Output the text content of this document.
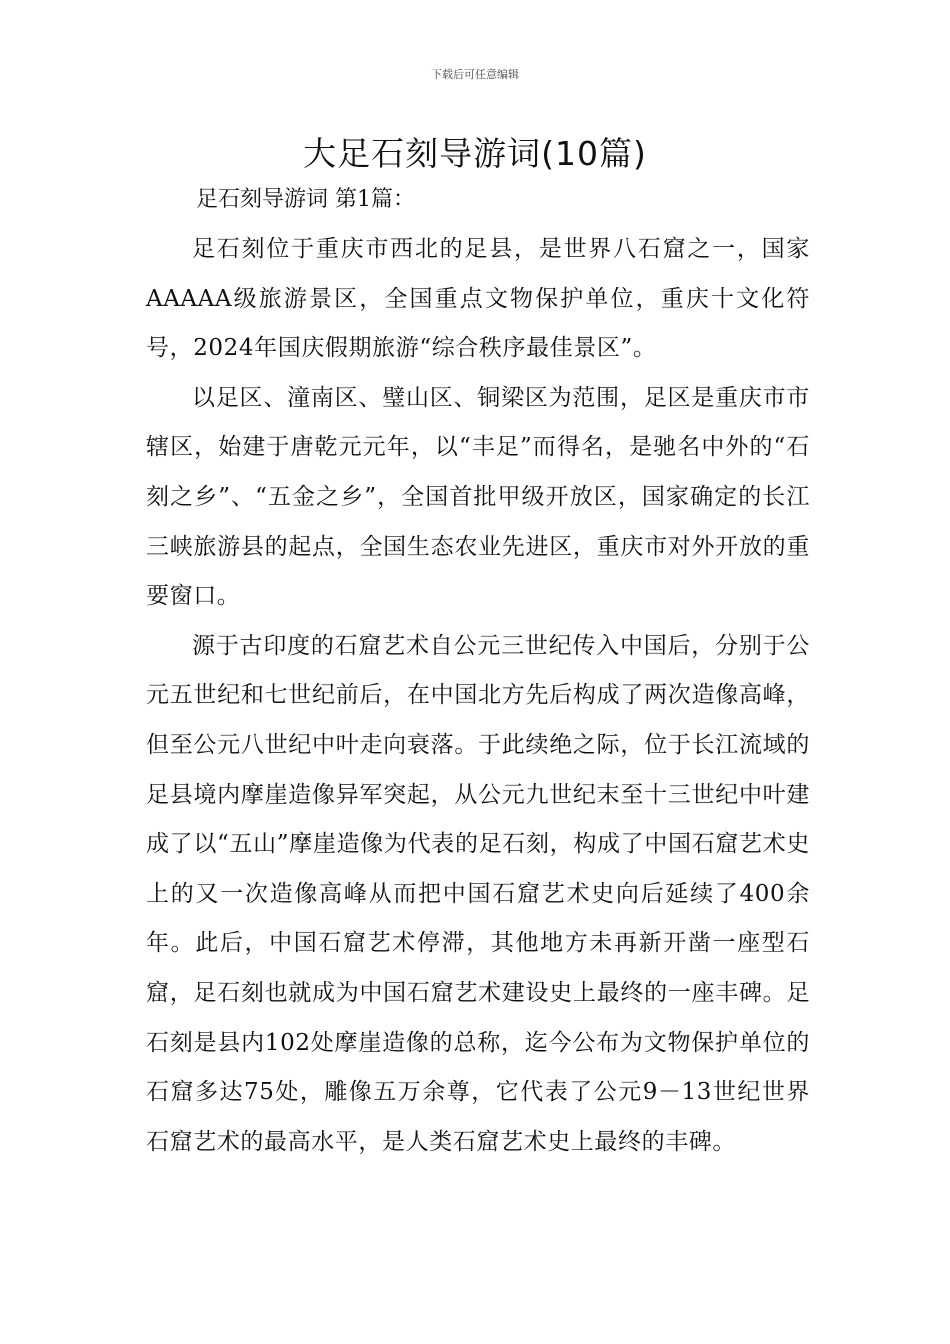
下载后可任意编辑
大足石刻导游词(10篇)
足石刻导游词 第1篇：

足石刻位于重庆市西北的足县，是世界八石窟之一，国家AAAAA级旅游景区，全国重点文物保护单位，重庆十文化符号，2024年国庆假期旅游“综合秩序最佳景区”。

以足区、潼南区、璧山区、铜梁区为范围，足区是重庆市市辖区，始建于唐乾元元年，以“丰足”而得名，是驰名中外的“石刻之乡”、“五金之乡”，全国首批甲级开放区，国家确定的长江三峡旅游县的起点，全国生态农业先进区，重庆市对外开放的重要窗口。

源于古印度的石窟艺术自公元三世纪传入中国后，分别于公元五世纪和七世纪前后，在中国北方先后构成了两次造像高峰，但至公元八世纪中叶走向衰落。于此续绝之际，位于长江流域的足县境内摩崖造像异军突起，从公元九世纪末至十三世纪中叶建成了以“五山”摩崖造像为代表的足石刻，构成了中国石窟艺术史上的又一次造像高峰从而把中国石窟艺术史向后延续了400余年。此后，中国石窟艺术停滞，其他地方未再新开凿一座型石窟，足石刻也就成为中国石窟艺术建设史上最终的一座丰碑。足石刻是县内102处摩崖造像的总称，迄今公布为文物保护单位的石窟多达75处，雕像五万余尊，它代表了公元9－13世纪世界石窟艺术的最高水平，是人类石窟艺术史上最终的丰碑。
